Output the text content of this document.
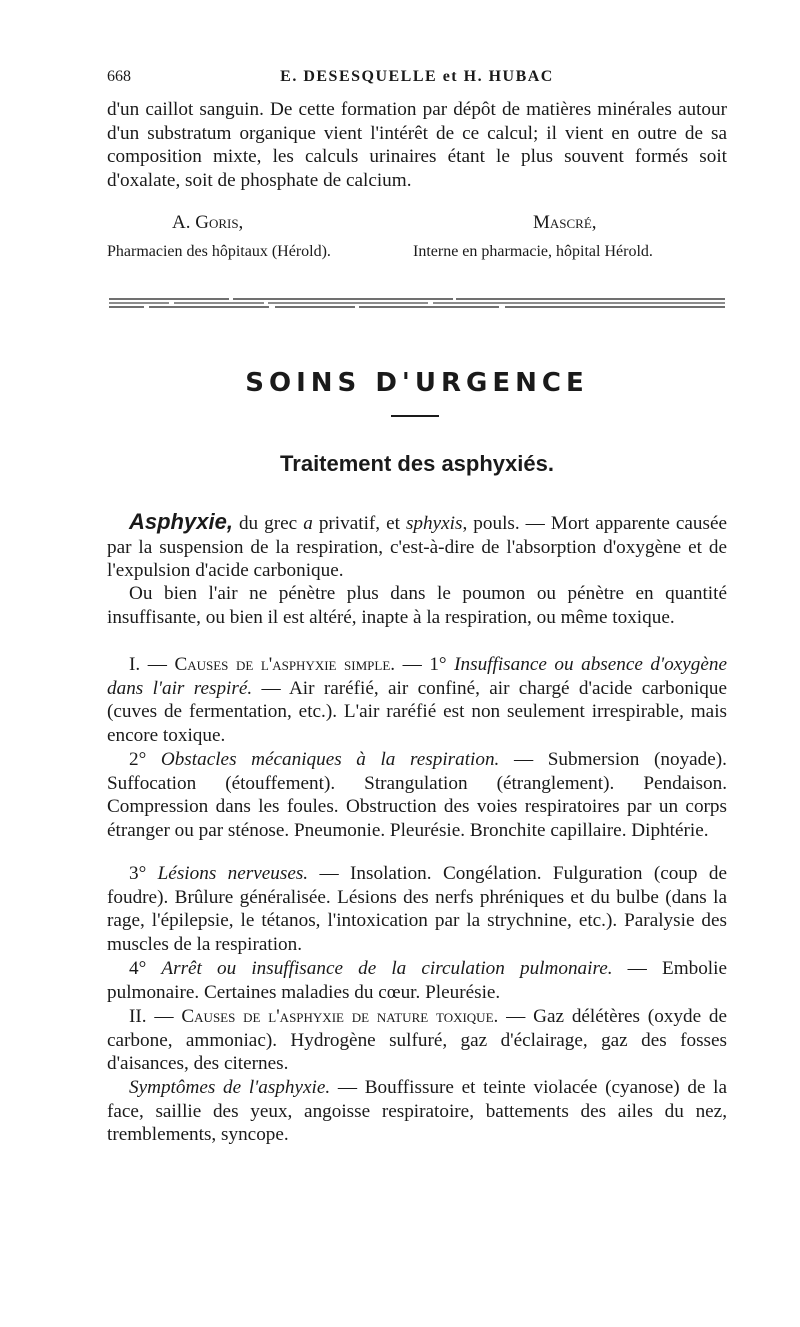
668	E. DESESQUELLE et H. HUBAC

d'un caillot sanguin. De cette formation par dépôt de matières minérales autour d'un substratum organique vient l'intérêt de ce calcul; il vient en outre de sa composition mixte, les calculs urinaires étant le plus souvent formés soit d'oxalate, soit de phosphate de calcium.

A. Goris,	Mascré,
Pharmacien des hôpitaux (Hérold).	Interne en pharmacie, hôpital Hérold.
SOINS D'URGENCE
Traitement des asphyxiés.

Asphyxie, du grec a privatif, et sphyxis, pouls. — Mort apparente causée par la suspension de la respiration, c'est-à-dire de l'absorption d'oxygène et de l'expulsion d'acide carbonique.

Ou bien l'air ne pénètre plus dans le poumon ou pénètre en quantité insuffisante, ou bien il est altéré, inapte à la respiration, ou même toxique.

I. — Causes de l'asphyxie simple. — 1° Insuffisance ou absence d'oxygène dans l'air respiré. — Air raréfié, air confiné, air chargé d'acide carbonique (cuves de fermentation, etc.). L'air raréfié est non seulement irrespirable, mais encore toxique.

2° Obstacles mécaniques à la respiration. — Submersion (noyade). Suffocation (étouffement). Strangulation (étranglement). Pendaison. Compression dans les foules. Obstruction des voies respiratoires par un corps étranger ou par sténose. Pneumonie. Pleurésie. Bronchite capillaire. Diphtérie.

3° Lésions nerveuses. — Insolation. Congélation. Fulguration (coup de foudre). Brûlure généralisée. Lésions des nerfs phréniques et du bulbe (dans la rage, l'épilepsie, le tétanos, l'intoxication par la strychnine, etc.). Paralysie des muscles de la respiration.

4° Arrêt ou insuffisance de la circulation pulmonaire. — Embolie pulmonaire. Certaines maladies du cœur. Pleurésie.

II. — Causes de l'asphyxie de nature toxique. — Gaz délétères (oxyde de carbone, ammoniac). Hydrogène sulfuré, gaz d'éclairage, gaz des fosses d'aisances, des citernes.

Symptômes de l'asphyxie. — Bouffissure et teinte violacée (cyanose) de la face, saillie des yeux, angoisse respiratoire, battements des ailes du nez, tremblements, syncope.
